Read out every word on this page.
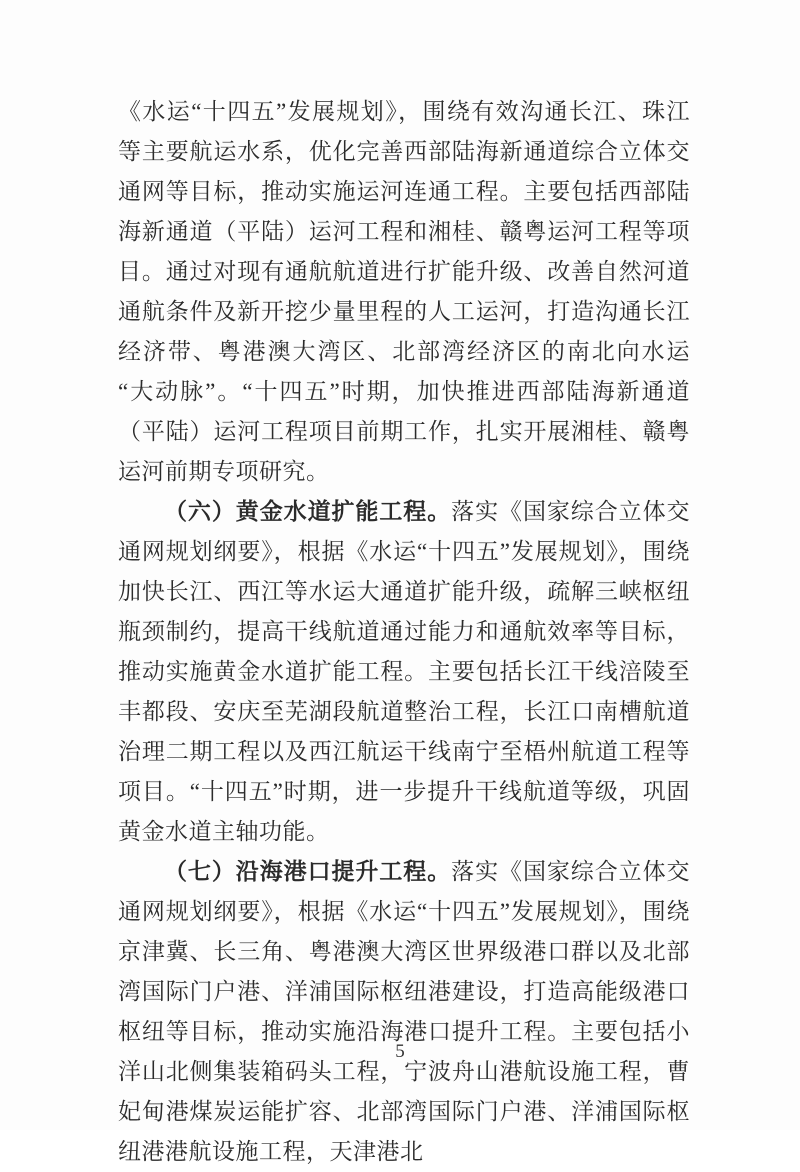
《水运“十四五”发展规划》，围绕有效沟通长江、珠江等主要航运水系，优化完善西部陆海新通道综合立体交通网等目标，推动实施运河连通工程。主要包括西部陆海新通道（平陆）运河工程和湘桂、赣粤运河工程等项目。通过对现有通航航道进行扩能升级、改善自然河道通航条件及新开挖少量里程的人工运河，打造沟通长江经济带、粤港澳大湾区、北部湾经济区的南北向水运“大动脉”。“十四五”时期，加快推进西部陆海新通道（平陆）运河工程项目前期工作，扎实开展湘桂、赣粤运河前期专项研究。

（六）黄金水道扩能工程。落实《国家综合立体交通网规划纲要》，根据《水运“十四五”发展规划》，围绕加快长江、西江等水运大通道扩能升级，疏解三峡枢纽瓶颈制约，提高干线航道通过能力和通航效率等目标，推动实施黄金水道扩能工程。主要包括长江干线涪陵至丰都段、安庆至芜湖段航道整治工程，长江口南槽航道治理二期工程以及西江航运干线南宁至梧州航道工程等项目。“十四五”时期，进一步提升干线航道等级，巩固黄金水道主轴功能。

（七）沿海港口提升工程。落实《国家综合立体交通网规划纲要》，根据《水运“十四五”发展规划》，围绕京津冀、长三角、粤港澳大湾区世界级港口群以及北部湾国际门户港、洋浦国际枢纽港建设，打造高能级港口枢纽等目标，推动实施沿海港口提升工程。主要包括小洋山北侧集装箱码头工程，宁波舟山港航设施工程，曹妃甸港煤炭运能扩容、北部湾国际门户港、洋浦国际枢纽港港航设施工程，天津港北

5
